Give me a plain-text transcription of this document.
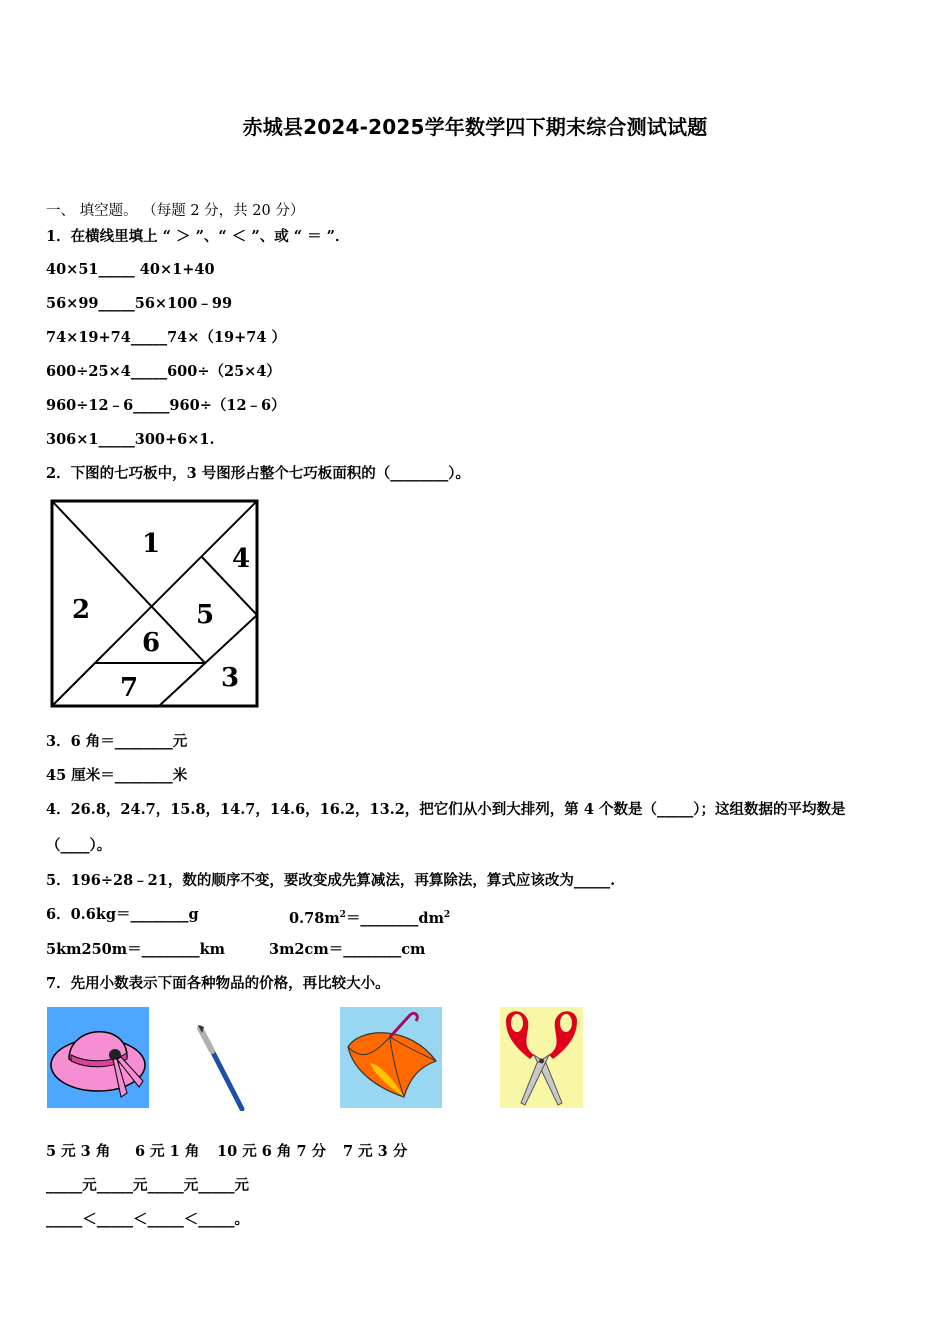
赤城县2024-2025学年数学四下期末综合测试试题
一、 填空题。 （每题 2 分，共 20 分）
1．在横线里填上 “ ＞ ”、“ ＜ ”、或 “ ＝ ”．
40×51_____ 40×1+40
56×99_____56×100﹣99
74×19+74_____74×（19+74 ）
600÷25×4_____600÷（25×4）
960÷12﹣6_____960÷（12﹣6）
306×1_____300+6×1.
2．下图的七巧板中，3 号图形占整个七巧板面积的（________）。
1
2
3
4
5
6
7
3．6 角＝________元
45 厘米＝________米
4．26.8，24.7，15.8，14.7，14.6，16.2，13.2，把它们从小到大排列，第 4 个数是（_____）；这组数据的平均数是
（____）。
5．196÷28﹣21，数的顺序不变，要改变成先算减法，再算除法，算式应该改为_____.
6．0.6kg＝________g	$0.78m^2=\_\_\_\_\_\_\_\_dm^2$
5km250m＝________km	3m2cm＝________cm
7．先用小数表示下面各种物品的价格，再比较大小。
5 元 3 角 6 元 1 角 10 元 6 角 7 分 7 元 3 分
_____元_____元_____元_____元
_____＜_____＜_____＜_____。
